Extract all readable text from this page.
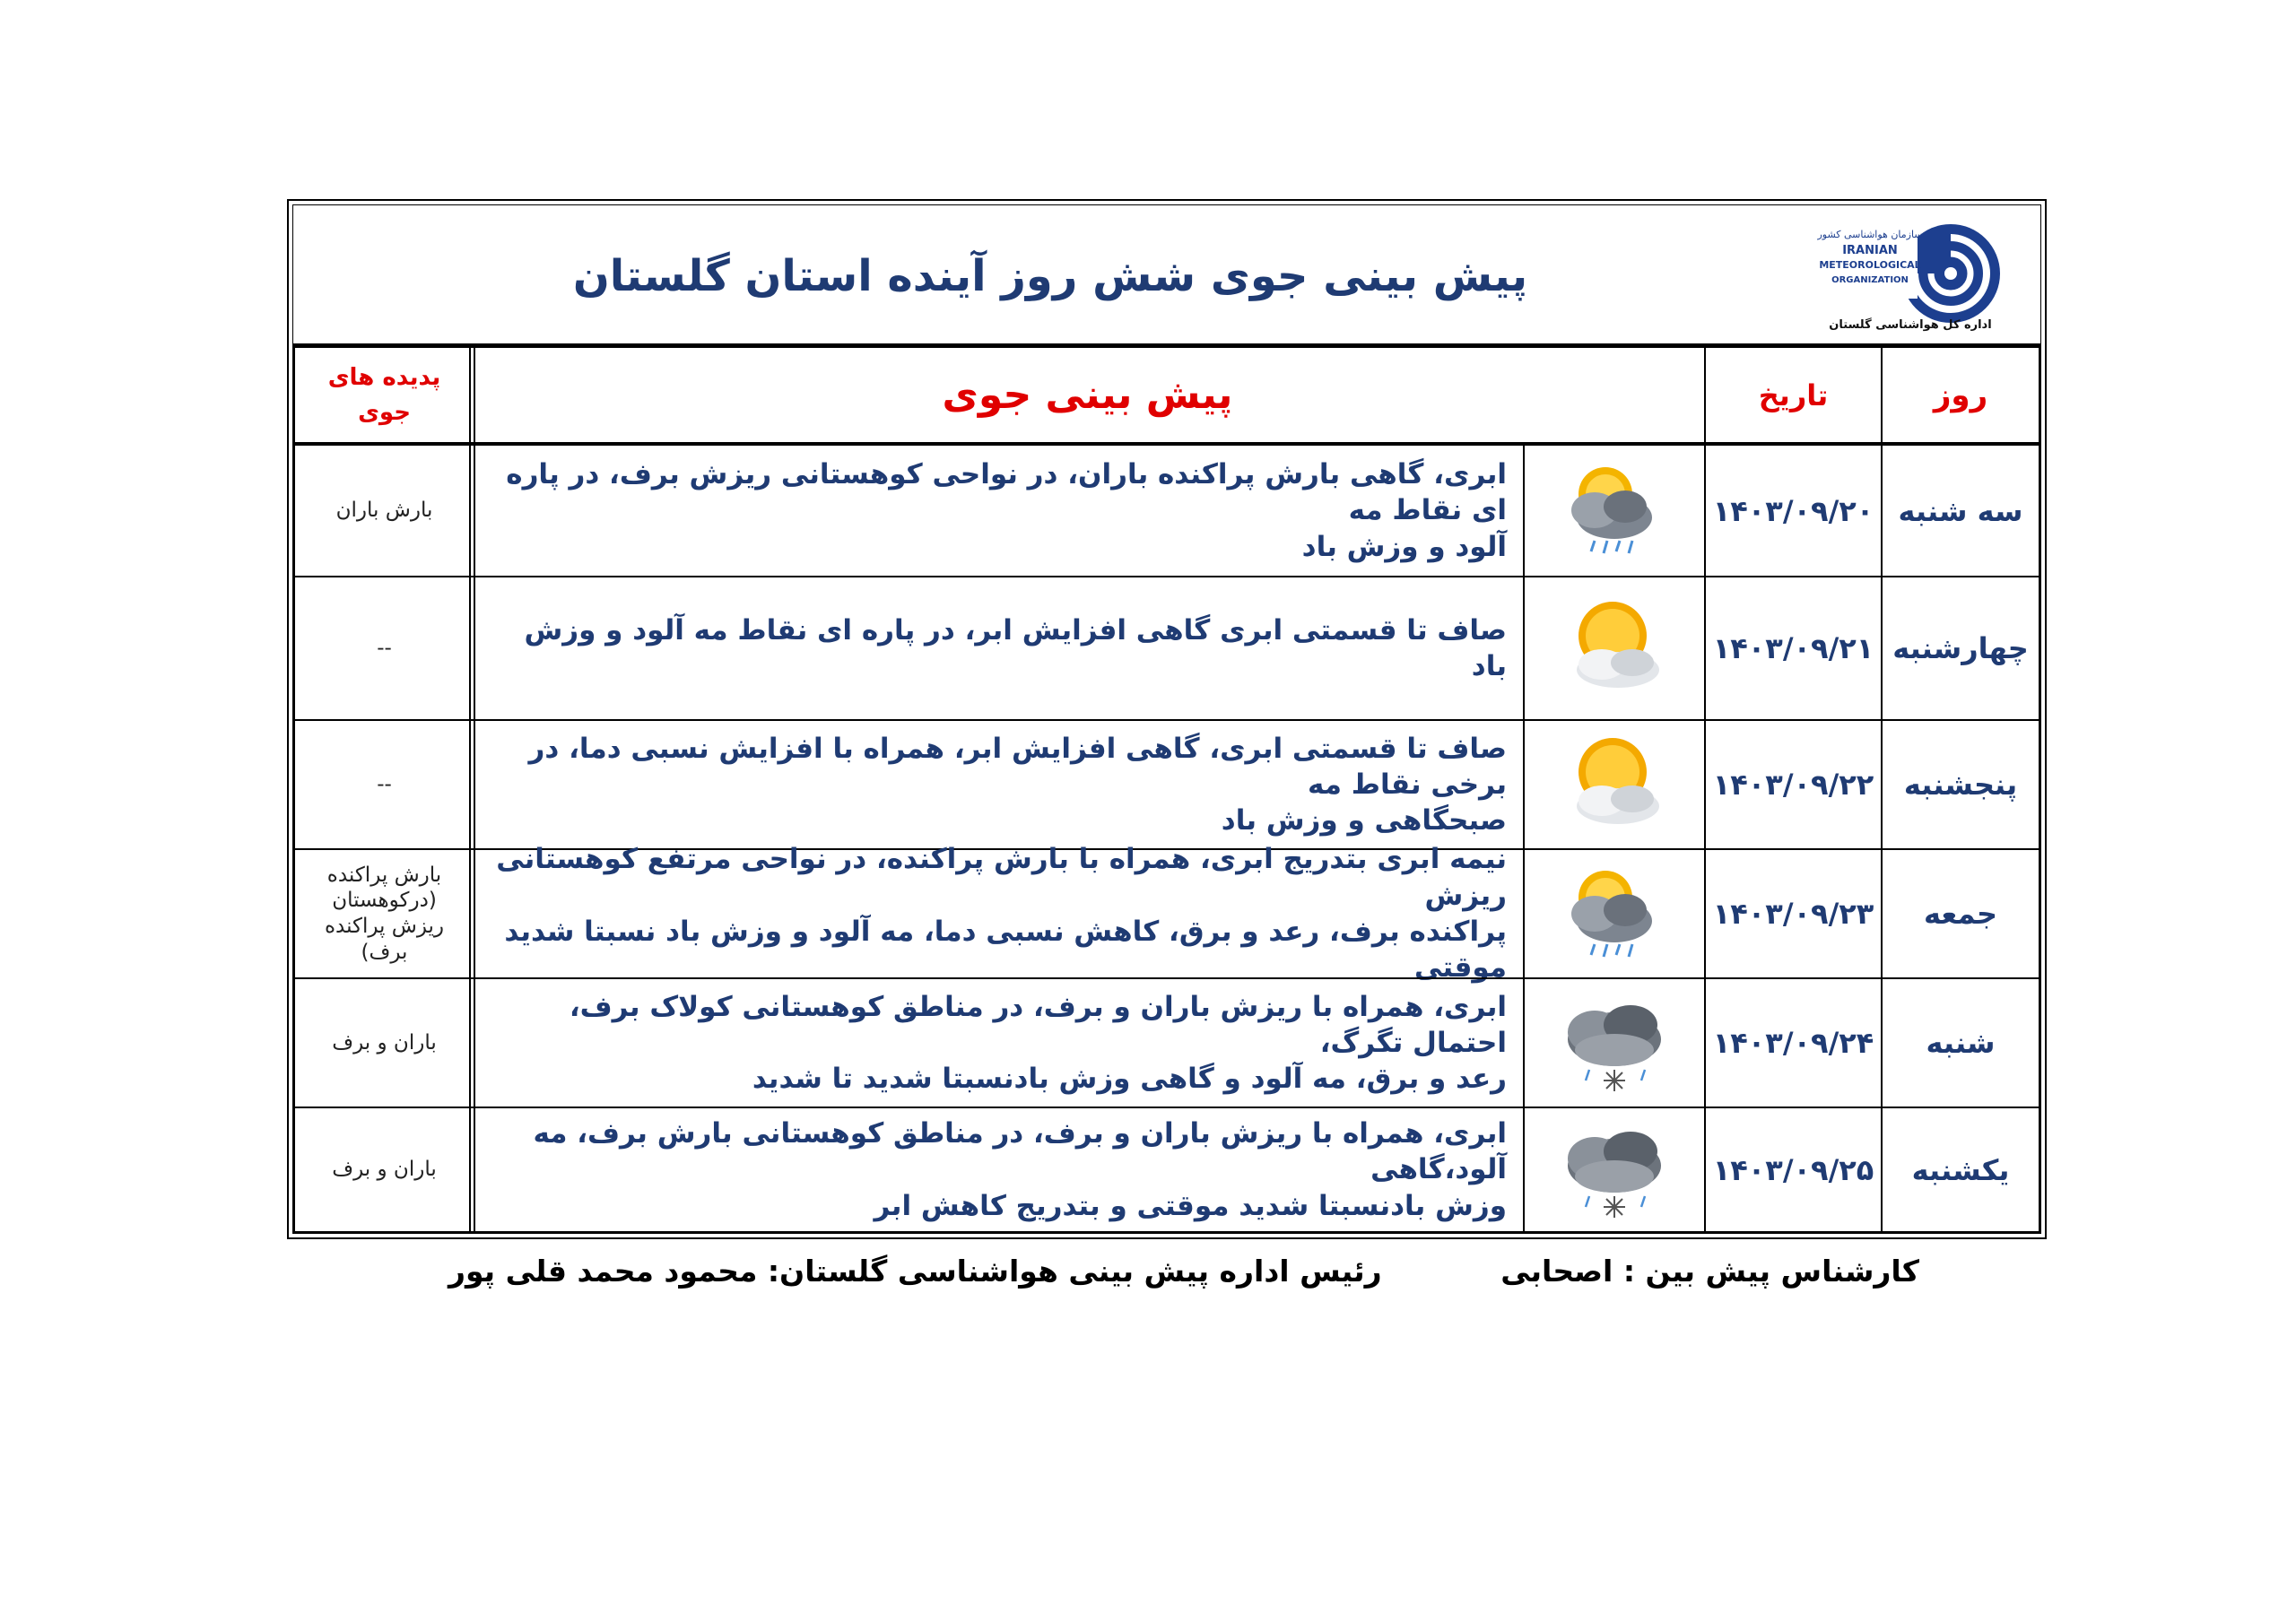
پیش بینی جوی شش روز آینده استان گلستان
سازمان هواشناسی کشور
IRANIAN
METEOROLOGICAL
ORGANIZATION
اداره کل هواشناسی گلستان
روز
تاریخ
پیش بینی جوی
پدیده های
جوی
سه شنبه
۱۴۰۳/۰۹/۲۰
ابری، گاهی بارش پراکنده باران، در نواحی کوهستانی ریزش برف، در پاره ای نقاط مه
آلود و وزش باد
بارش باران
چهارشنبه
۱۴۰۳/۰۹/۲۱
صاف تا قسمتی ابری گاهی افزایش ابر، در پاره ای نقاط مه آلود و وزش باد
--
پنجشنبه
۱۴۰۳/۰۹/۲۲
صاف تا قسمتی ابری، گاهی افزایش ابر، همراه با افزایش نسبی دما، در برخی نقاط مه
صبحگاهی و وزش باد
--
جمعه
۱۴۰۳/۰۹/۲۳
نیمه ابری بتدریج ابری، همراه با بارش پراکنده، در نواحی مرتفع کوهستانی ریزش
پراکنده برف، رعد و برق، کاهش نسبی دما، مه آلود و وزش باد نسبتا شدید موقتی
بارش پراکنده
(درکوهستان
ریزش پراکنده
برف)
شنبه
۱۴۰۳/۰۹/۲۴
ابری، همراه با ریزش باران و برف، در مناطق کوهستانی کولاک برف، احتمال تگرگ،
رعد و برق، مه آلود و گاهی وزش بادنسبتا شدید تا شدید
باران و برف
یکشنبه
۱۴۰۳/۰۹/۲۵
ابری، همراه با ریزش باران و برف، در مناطق کوهستانی بارش برف، مه آلود،گاهی
وزش بادنسبتا شدید موقتی و بتدریج کاهش ابر
باران و برف
کارشناس پیش بین : اصحابی
رئیس اداره پیش بینی هواشناسی گلستان: محمود محمد قلی پور
